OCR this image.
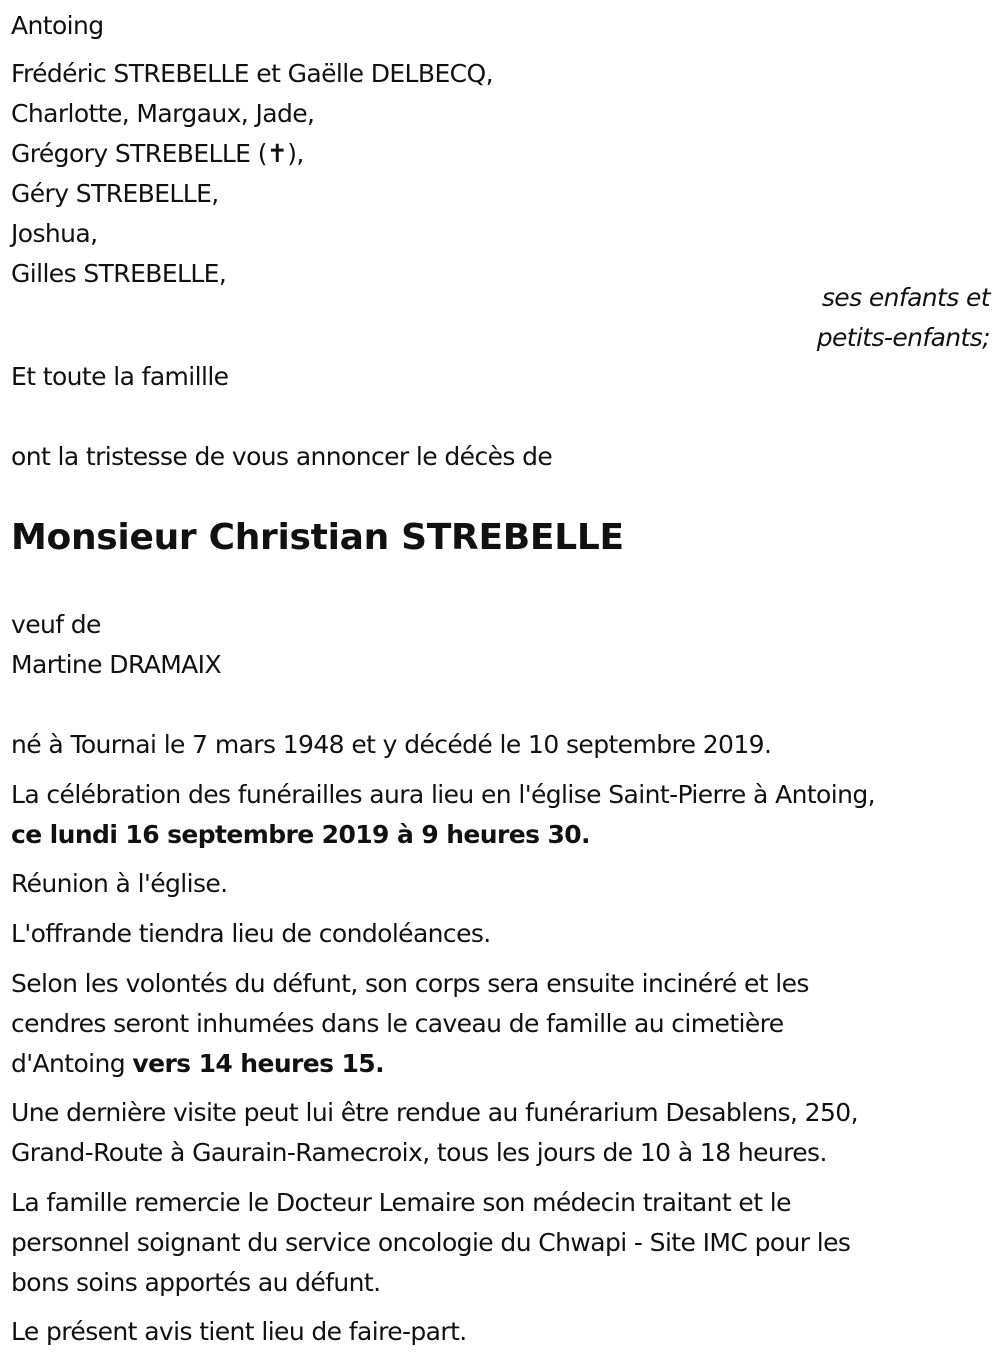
Antoing
Frédéric STREBELLE et Gaëlle DELBECQ,
Charlotte, Margaux, Jade,
Grégory STREBELLE (✝),
Géry STREBELLE,
Joshua,
Gilles STREBELLE,
ses enfants et
petits-enfants;
Et toute la famillle
ont la tristesse de vous annoncer le décès de
Monsieur Christian STREBELLE
veuf de
Martine DRAMAIX
né à Tournai le 7 mars 1948 et y décédé le 10 septembre 2019.
La célébration des funérailles aura lieu en l'église Saint-Pierre à Antoing,
ce lundi 16 septembre 2019 à 9 heures 30.
Réunion à l'église.
L'offrande tiendra lieu de condoléances.
Selon les volontés du défunt, son corps sera ensuite incinéré et les
cendres seront inhumées dans le caveau de famille au cimetière
d'Antoing vers 14 heures 15.
Une dernière visite peut lui être rendue au funérarium Desablens, 250,
Grand-Route à Gaurain-Ramecroix, tous les jours de 10 à 18 heures.
La famille remercie le Docteur Lemaire son médecin traitant et le
personnel soignant du service oncologie du Chwapi - Site IMC pour les
bons soins apportés au défunt.
Le présent avis tient lieu de faire-part.
